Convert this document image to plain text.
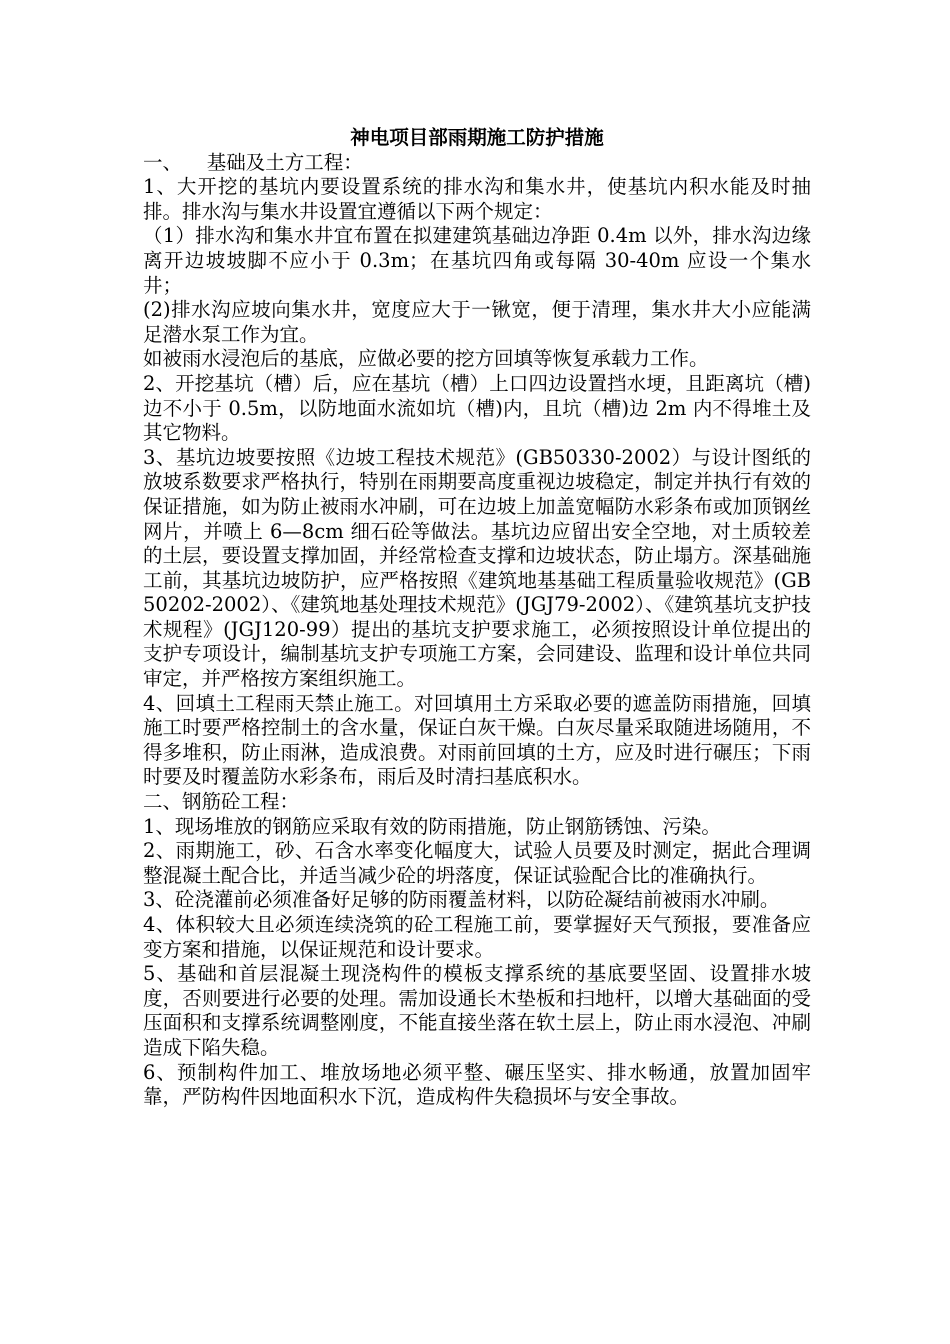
神电项目部雨期施工防护措施
一、    基础及土方工程：
1、大开挖的基坑内要设置系统的排水沟和集水井，使基坑内积水能及时抽排。排水沟与集水井设置宜遵循以下两个规定：
（1）排水沟和集水井宜布置在拟建建筑基础边净距 0.4m 以外，排水沟边缘离开边坡坡脚不应小于 0.3m；在基坑四角或每隔 30-40m 应设一个集水井；
(2)排水沟应坡向集水井，宽度应大于一锹宽，便于清理，集水井大小应能满足潜水泵工作为宜。
如被雨水浸泡后的基底，应做必要的挖方回填等恢复承载力工作。
2、开挖基坑（槽）后，应在基坑（槽）上口四边设置挡水埂，且距离坑（槽)边不小于 0.5m，以防地面水流如坑（槽)内，且坑（槽)边 2m 内不得堆土及其它物料。
3、基坑边坡要按照《边坡工程技术规范》(GB50330-2002）与设计图纸的放坡系数要求严格执行，特别在雨期要高度重视边坡稳定，制定并执行有效的保证措施，如为防止被雨水冲刷，可在边坡上加盖宽幅防水彩条布或加顶钢丝网片，并喷上 6—8cm 细石砼等做法。基坑边应留出安全空地，对土质较差的土层，要设置支撑加固，并经常检查支撑和边坡状态，防止塌方。深基础施工前，其基坑边坡防护，应严格按照《建筑地基基础工程质量验收规范》(GB50202-2002）、《建筑地基处理技术规范》(JGJ79-2002）、《建筑基坑支护技术规程》(JGJ120-99）提出的基坑支护要求施工，必须按照设计单位提出的支护专项设计，编制基坑支护专项施工方案，会同建设、监理和设计单位共同审定，并严格按方案组织施工。
4、回填土工程雨天禁止施工。对回填用土方采取必要的遮盖防雨措施，回填施工时要严格控制土的含水量，保证白灰干燥。白灰尽量采取随进场随用，不得多堆积，防止雨淋，造成浪费。对雨前回填的土方，应及时进行碾压；下雨时要及时覆盖防水彩条布，雨后及时清扫基底积水。
二、钢筋砼工程：
1、现场堆放的钢筋应采取有效的防雨措施，防止钢筋锈蚀、污染。
2、雨期施工，砂、石含水率变化幅度大，试验人员要及时测定，据此合理调整混凝土配合比，并适当减少砼的坍落度，保证试验配合比的准确执行。
3、砼浇灌前必须准备好足够的防雨覆盖材料，以防砼凝结前被雨水冲刷。
4、体积较大且必须连续浇筑的砼工程施工前，要掌握好天气预报，要准备应变方案和措施，以保证规范和设计要求。
5、基础和首层混凝土现浇构件的模板支撑系统的基底要坚固、设置排水坡度，否则要进行必要的处理。需加设通长木垫板和扫地杆，以增大基础面的受压面积和支撑系统调整刚度，不能直接坐落在软土层上，防止雨水浸泡、冲刷造成下陷失稳。
6、预制构件加工、堆放场地必须平整、碾压坚实、排水畅通，放置加固牢靠，严防构件因地面积水下沉，造成构件失稳损坏与安全事故。
